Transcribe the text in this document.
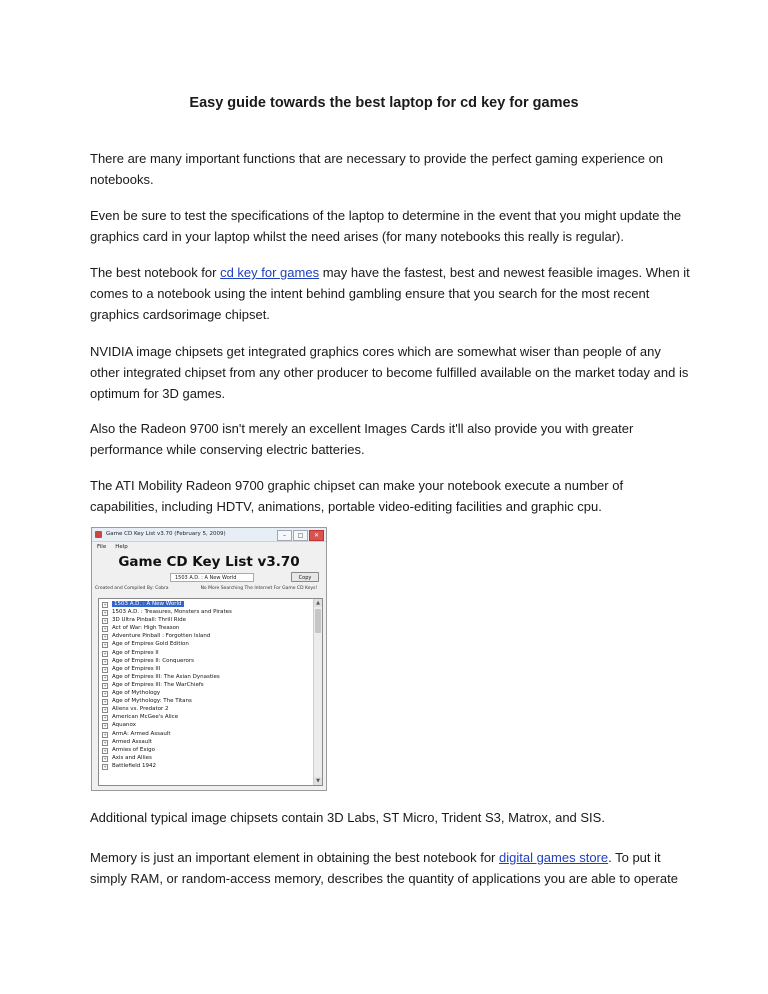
Easy guide towards the best laptop for cd key for games

There are many important functions that are necessary to provide the perfect gaming experience on notebooks.

Even be sure to test the specifications of the laptop to determine in the event that you might update the graphics card in your laptop whilst the need arises (for many notebooks this really is regular).

The best notebook for cd key for games may have the fastest, best and newest feasible images. When it comes to a notebook using the intent behind gambling ensure that you search for the most recent graphics cardsorimage chipset.

NVIDIA image chipsets get integrated graphics cores which are somewhat wiser than people of any other integrated chipset from any other producer to become fulfilled available on the market today and is optimum for 3D games.

Also the Radeon 9700 isn't merely an excellent Images Cards it'll also provide you with greater performance while conserving electric batteries.

The ATI Mobility Radeon 9700 graphic chipset can make your notebook execute a number of capabilities, including HDTV, animations, portable video-editing facilities and graphic cpu.

Game CD Key List v3.70 (February 5, 2009)	–	□	✕
File Help
Game CD Key List v3.70
1503 A.D. : A New World	Copy
Created and Compiled By: Cobra	No More Searching The Internet For Game CD Keys!
+ 1503 A.D. : A New World
+ 1503 A.D. : Treasures, Monsters and Pirates
+ 3D Ultra Pinball: Thrill Ride
+ Act of War: High Treason
+ Adventure Pinball : Forgotten Island
+ Age of Empires Gold Edition
+ Age of Empires II
+ Age of Empires II: Conquerors
+ Age of Empires III
+ Age of Empires III: The Asian Dynasties
+ Age of Empires III: The WarChiefs
+ Age of Mythology
+ Age of Mythology: The Titans
+ Aliens vs. Predator 2
+ American McGee's Alice
+ Aquanox
+ ArmA: Armed Assault
+ Armed Assault
+ Armies of Exigo
+ Axis and Allies
+ Battlefield 1942
▲
▼

Additional typical image chipsets contain 3D Labs, ST Micro, Trident S3, Matrox, and SIS.

Memory is just an important element in obtaining the best notebook for digital games store. To put it simply RAM, or random-access memory, describes the quantity of applications you are able to operate
